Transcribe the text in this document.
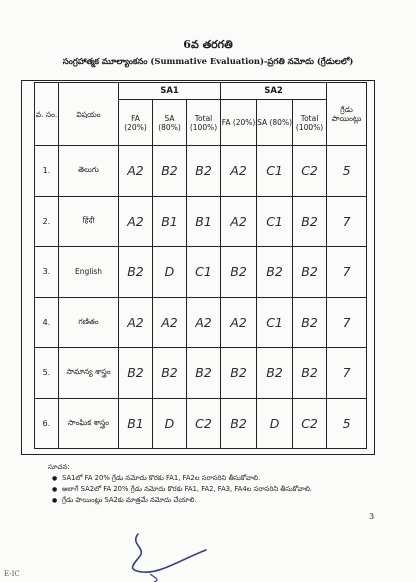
6వ తరగతి
సంగ్రహాత్మక మూల్యాంకనం (Summative Evaluation)-ప్రగతి నమోదు (గ్రేడులలో)
వ. సం.	విషయం	SA1			SA2			గ్రేడు పాయింట్లు
		FA (20%)	SA (80%)	Total (100%)	FA (20%)	SA (80%)	Total (100%)	
1.	తెలుగు	A2	B2	B2	A2	C1	C2	5
2.	हिंदी	A2	B1	B1	A2	C1	B2	7
3.	English	B2	D	C1	B2	B2	B2	7
4.	గణితం	A2	A2	A2	A2	C1	B2	7
5.	సామాన్య శాస్త్రం	B2	B2	B2	B2	B2	B2	7
6.	సాంఘిక శాస్త్రం	B1	D	C2	B2	D	C2	5
సూచన:
● SA1లో FA 20% గ్రేడు నమోదు కొరకు FA1, FA2ల సరాసరిని తీసుకోవాలి.
● అలాగే SA2లో FA 20% గ్రేడు నమోదు కొరకు FA1, FA2, FA3, FA4ల సరాసరిని తీసుకోవాలి.
● గ్రేడు పాయింట్లు SA2కు మాత్రమే నమోదు చేయాలి.
3
E-IC
